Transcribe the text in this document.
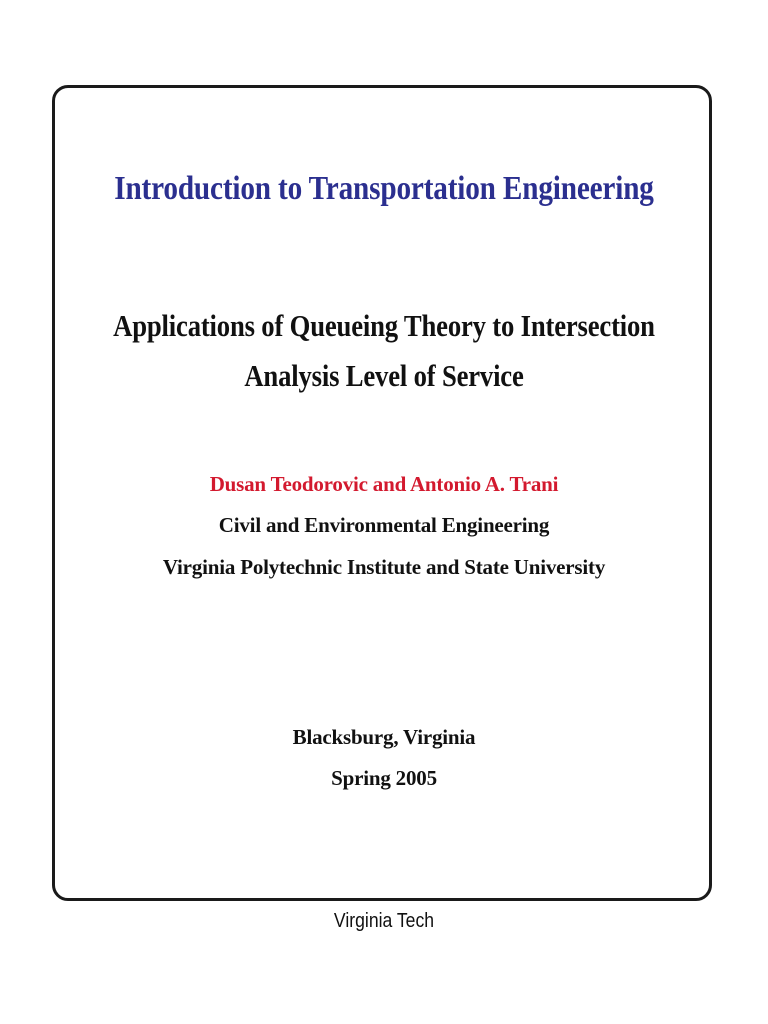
Introduction to Transportation Engineering
Applications of Queueing Theory to Intersection
Analysis Level of Service
Dusan Teodorovic and Antonio A. Trani
Civil and Environmental Engineering
Virginia Polytechnic Institute and State University
Blacksburg, Virginia
Spring 2005
Virginia Tech
